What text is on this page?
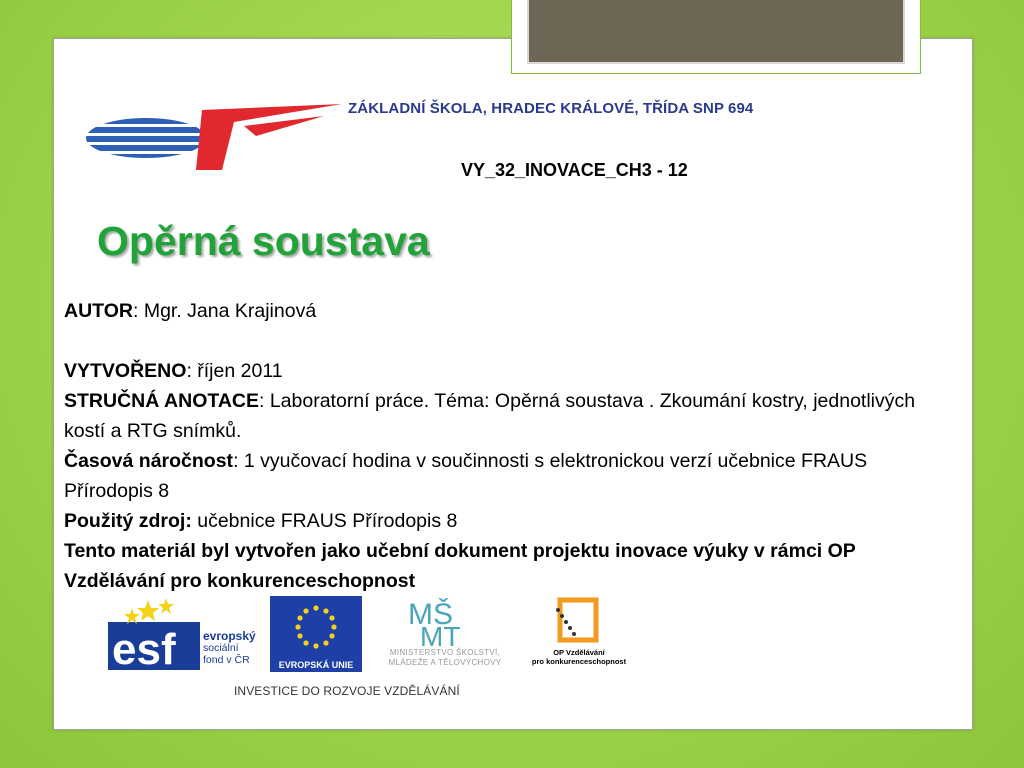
ZÁKLADNÍ ŠKOLA, HRADEC KRÁLOVÉ, TŘÍDA SNP 694
VY_32_INOVACE_CH3 - 12
Opěrná soustava

AUTOR: Mgr. Jana Krajinová

VYTVOŘENO: říjen 2011

STRUČNÁ ANOTACE: Laboratorní práce. Téma: Opěrná soustava . Zkoumání kostry, jednotlivých kostí a RTG snímků.

Časová náročnost: 1 vyučovací hodina v součinnosti s elektronickou verzí učebnice FRAUS Přírodopis 8

Použitý zdroj: učebnice FRAUS Přírodopis 8

Tento materiál byl vytvořen jako učební dokument projektu inovace výuky v rámci OP Vzdělávání pro konkurenceschopnost

esf evropský
sociální
fond v ČR	EVROPSKÁ UNIE
MŠ
MT
MINISTERSTVO ŠKOLSTVÍ,
MLÁDEŽE A TĚLOVÝCHOVY
OP Vzdělávání
pro konkurenceschopnost
INVESTICE DO ROZVOJE VZDĚLÁVÁNÍ
